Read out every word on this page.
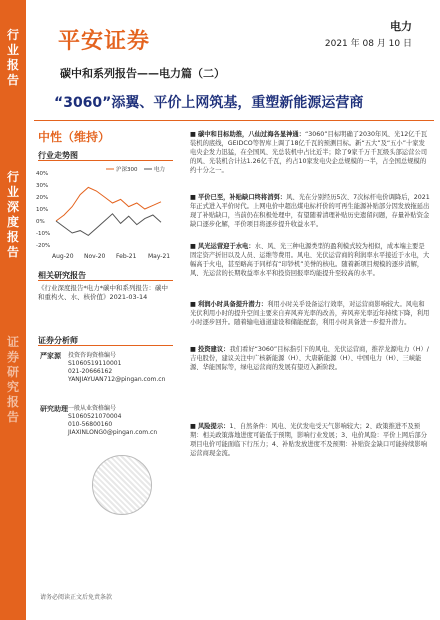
行业报告
行业深度报告
证券研究报告
平安证券
电力
2021 年 08 月 10 日
碳中和系列报告——电力篇（二）
“3060”添翼、平价上网筑基，重塑新能源运营商
中性（维持）
行业走势图
40%
30%
20%
10%
0%
-10%
-20%
沪深300	电力
Aug-20 Nov-20 Feb-21 May-21
相关研究报告
《行业深度报告*电力*碳中和系列报告：碳中和重构火、水、核价值》2021-03-14
证券分析师
严家源 投资咨询资格编号
S1060519110001
021-20666162
YANJIAYUAN712@pingan.com.cn
研究助理 一般从业资格编号
S1060521070004
010-56800160
JIAXINLONG0@pingan.com.cn
■ 碳中和目标助推，八仙过海各显神通：“3060”目标明确了2030年风、光12亿千瓦装机的底线，GEIDCO等智库上调了18亿千瓦的预测目标。新“五大”及“五小”十家发电央企发力迅猛，在全国风、光总装机中占比近半；除了9家千万千瓦级头部运营公司的风、光装机合计达1.26亿千瓦，约占10家发电央企总规模的一半，占全国总规模的约十分之一。
■ 平价已至，补贴缺口终将消弭：风、光在分别经历5次、7次标杆电价调降后，2021年正式进入平价时代。上网电价中超出煤电标杆价的可再生能源补贴部分因发放拖延出现了补贴缺口，当前仍在积极处理中，有望随着清理补贴历史遗留问题，存量补贴资金缺口逐步化解，平价项目将逐步提升收益水平。
■ 风光运营迎于水电：水、风、光三种电源类型的盈利模式较为相似，成本端主要是固定资产折旧以及人员、运维等费用。风电、光伏运营商的利润率水平接近于水电，大幅高于火电，甚至略高于同样有“印钞机”美誉的核电。随着新项目规模的逐步消解，风、光运营的长期收益率水平和投资回报率均能提升至较高的水平。
■ 利润小时具备提升潜力：利用小时关乎设备运行效率，对运营商影响较大。风电和光伏利用小时的提升空间主要来自弃风弃光率的改善，弃风弃光率近年持续下降，利用小时逐步回升。随着输电通道建设和储能配套，利用小时具备进一步提升潜力。
■ 投资建议：我们看好“3060”目标指引下的风电、光伏运营商，推荐龙源电力（H）/吉电股份，建议关注中广核新能源（H）、大唐新能源（H）、中国电力（H）、三峡能源、华能国际等，绿电运营商的发展有望迈入新阶段。
■ 风险提示：1、自然条件：风电、光伏发电受天气影响较大；2、政策推进不及预期：相关政策落地进度可能低于预期，影响行业发展；3、电价风险：平价上网后部分项目电价可能面临下行压力；4、补贴发放进度不及预期：补贴资金缺口可能持续影响运营商现金流。
请务必阅读正文后免责条款
